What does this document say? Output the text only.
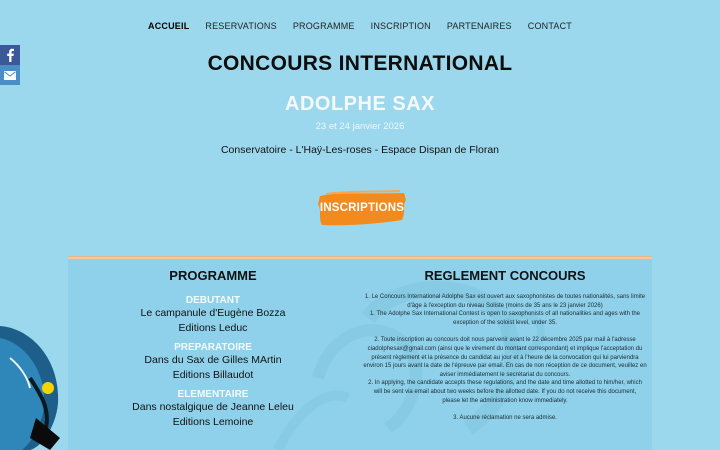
ACCUEIL	RESERVATIONS	PROGRAMME	INSCRIPTION	PARTENAIRES	CONTACT
CONCOURS INTERNATIONAL
ADOLPHE SAX
23 et 24 janvier 2026
Conservatoire - L'Haÿ-Les-roses - Espace Dispan de Floran
INSCRIPTIONS
PROGRAMME
DEBUTANT
Le campanule d'Eugène Bozza
Editions Leduc
PREPARATOIRE
Dans du Sax de Gilles MArtin
Editions Billaudot
ELEMENTAIRE
Dans nostalgique de Jeanne Leleu
Editions Lemoine
REGLEMENT CONCOURS

1. Le Concours International Adolphe Sax est ouvert aux saxophonistes de toutes nationalités, sans limite

d'âge à l'exception du niveau Soliste (moins de 35 ans le 23 janvier 2026)

1. The Adolphe Sax International Contest is open to saxophonists of all nationalities and ages with the

exception of the soloist level, under 35.

2. Toute inscription au concours doit nous parvenir avant le 22 décembre 2025 par mail à l'adresse

ciadolphesax@gmail.com (ainsi que le virement du montant correspondant) et implique l'acceptation du

présent règlement et la présence du candidat au jour et à l'heure de la convocation qui lui parviendra

environ 15 jours avant la date de l'épreuve par email. En cas de non réception de ce document, veuillez en

aviser immédiatement le secrétariat du concours.

2. In applying, the candidate accepts these regulations, and the date and time allotted to him/her, which

will be sent via email about two weeks before the allotted date. If you do not receive this document,

please let the administration know immediately.

3. Aucune réclamation ne sera admise.
